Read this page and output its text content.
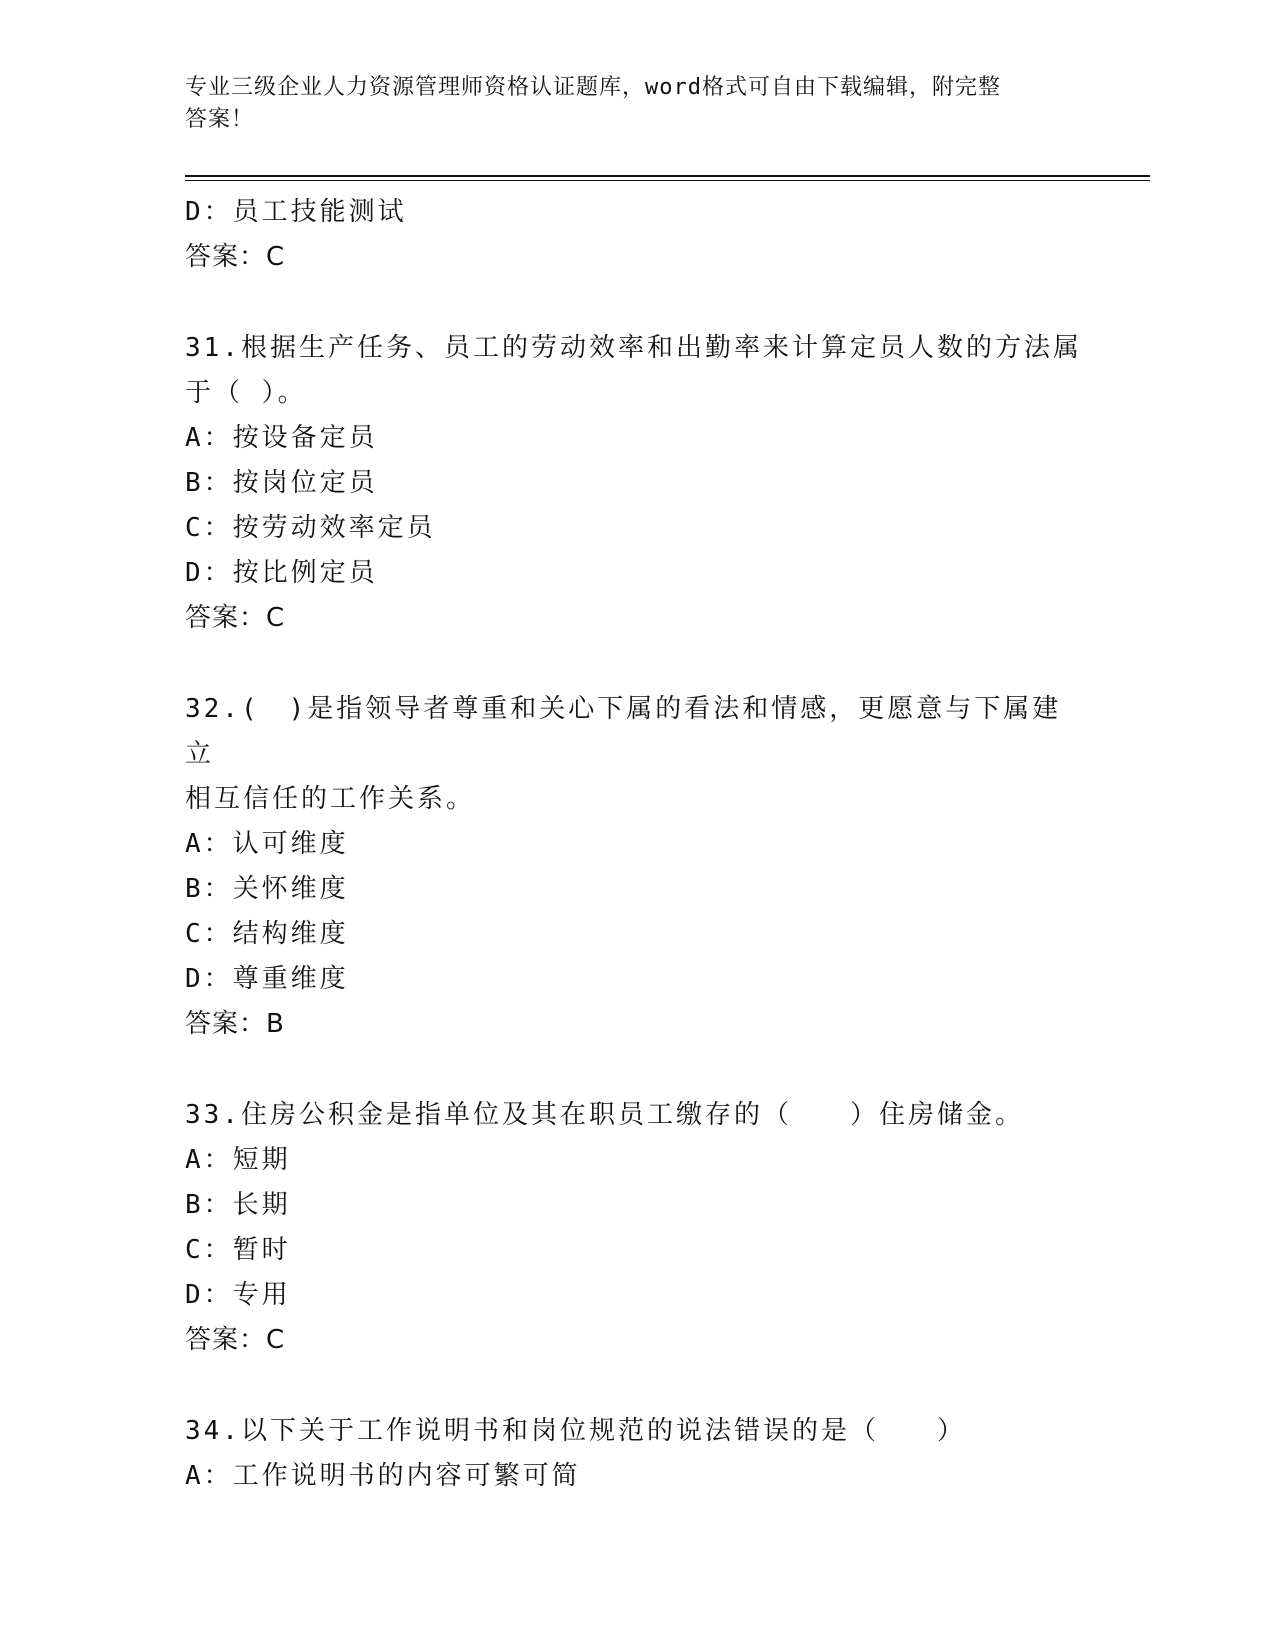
专业三级企业人力资源管理师资格认证题库，word格式可自由下载编辑，附完整
答案！
D：员工技能测试
答案：C
31.根据生产任务、员工的劳动效率和出勤率来计算定员人数的方法属
于（ ）。
A：按设备定员
B：按岗位定员
C：按劳动效率定员
D：按比例定员
答案：C
32.(　)是指领导者尊重和关心下属的看法和情感，更愿意与下属建立
相互信任的工作关系。
A：认可维度
B：关怀维度
C：结构维度
D：尊重维度
答案：B
33.住房公积金是指单位及其在职员工缴存的（　　）住房储金。
A：短期
B：长期
C：暂时
D：专用
答案：C
34.以下关于工作说明书和岗位规范的说法错误的是（　　）
A：工作说明书的内容可繁可简
